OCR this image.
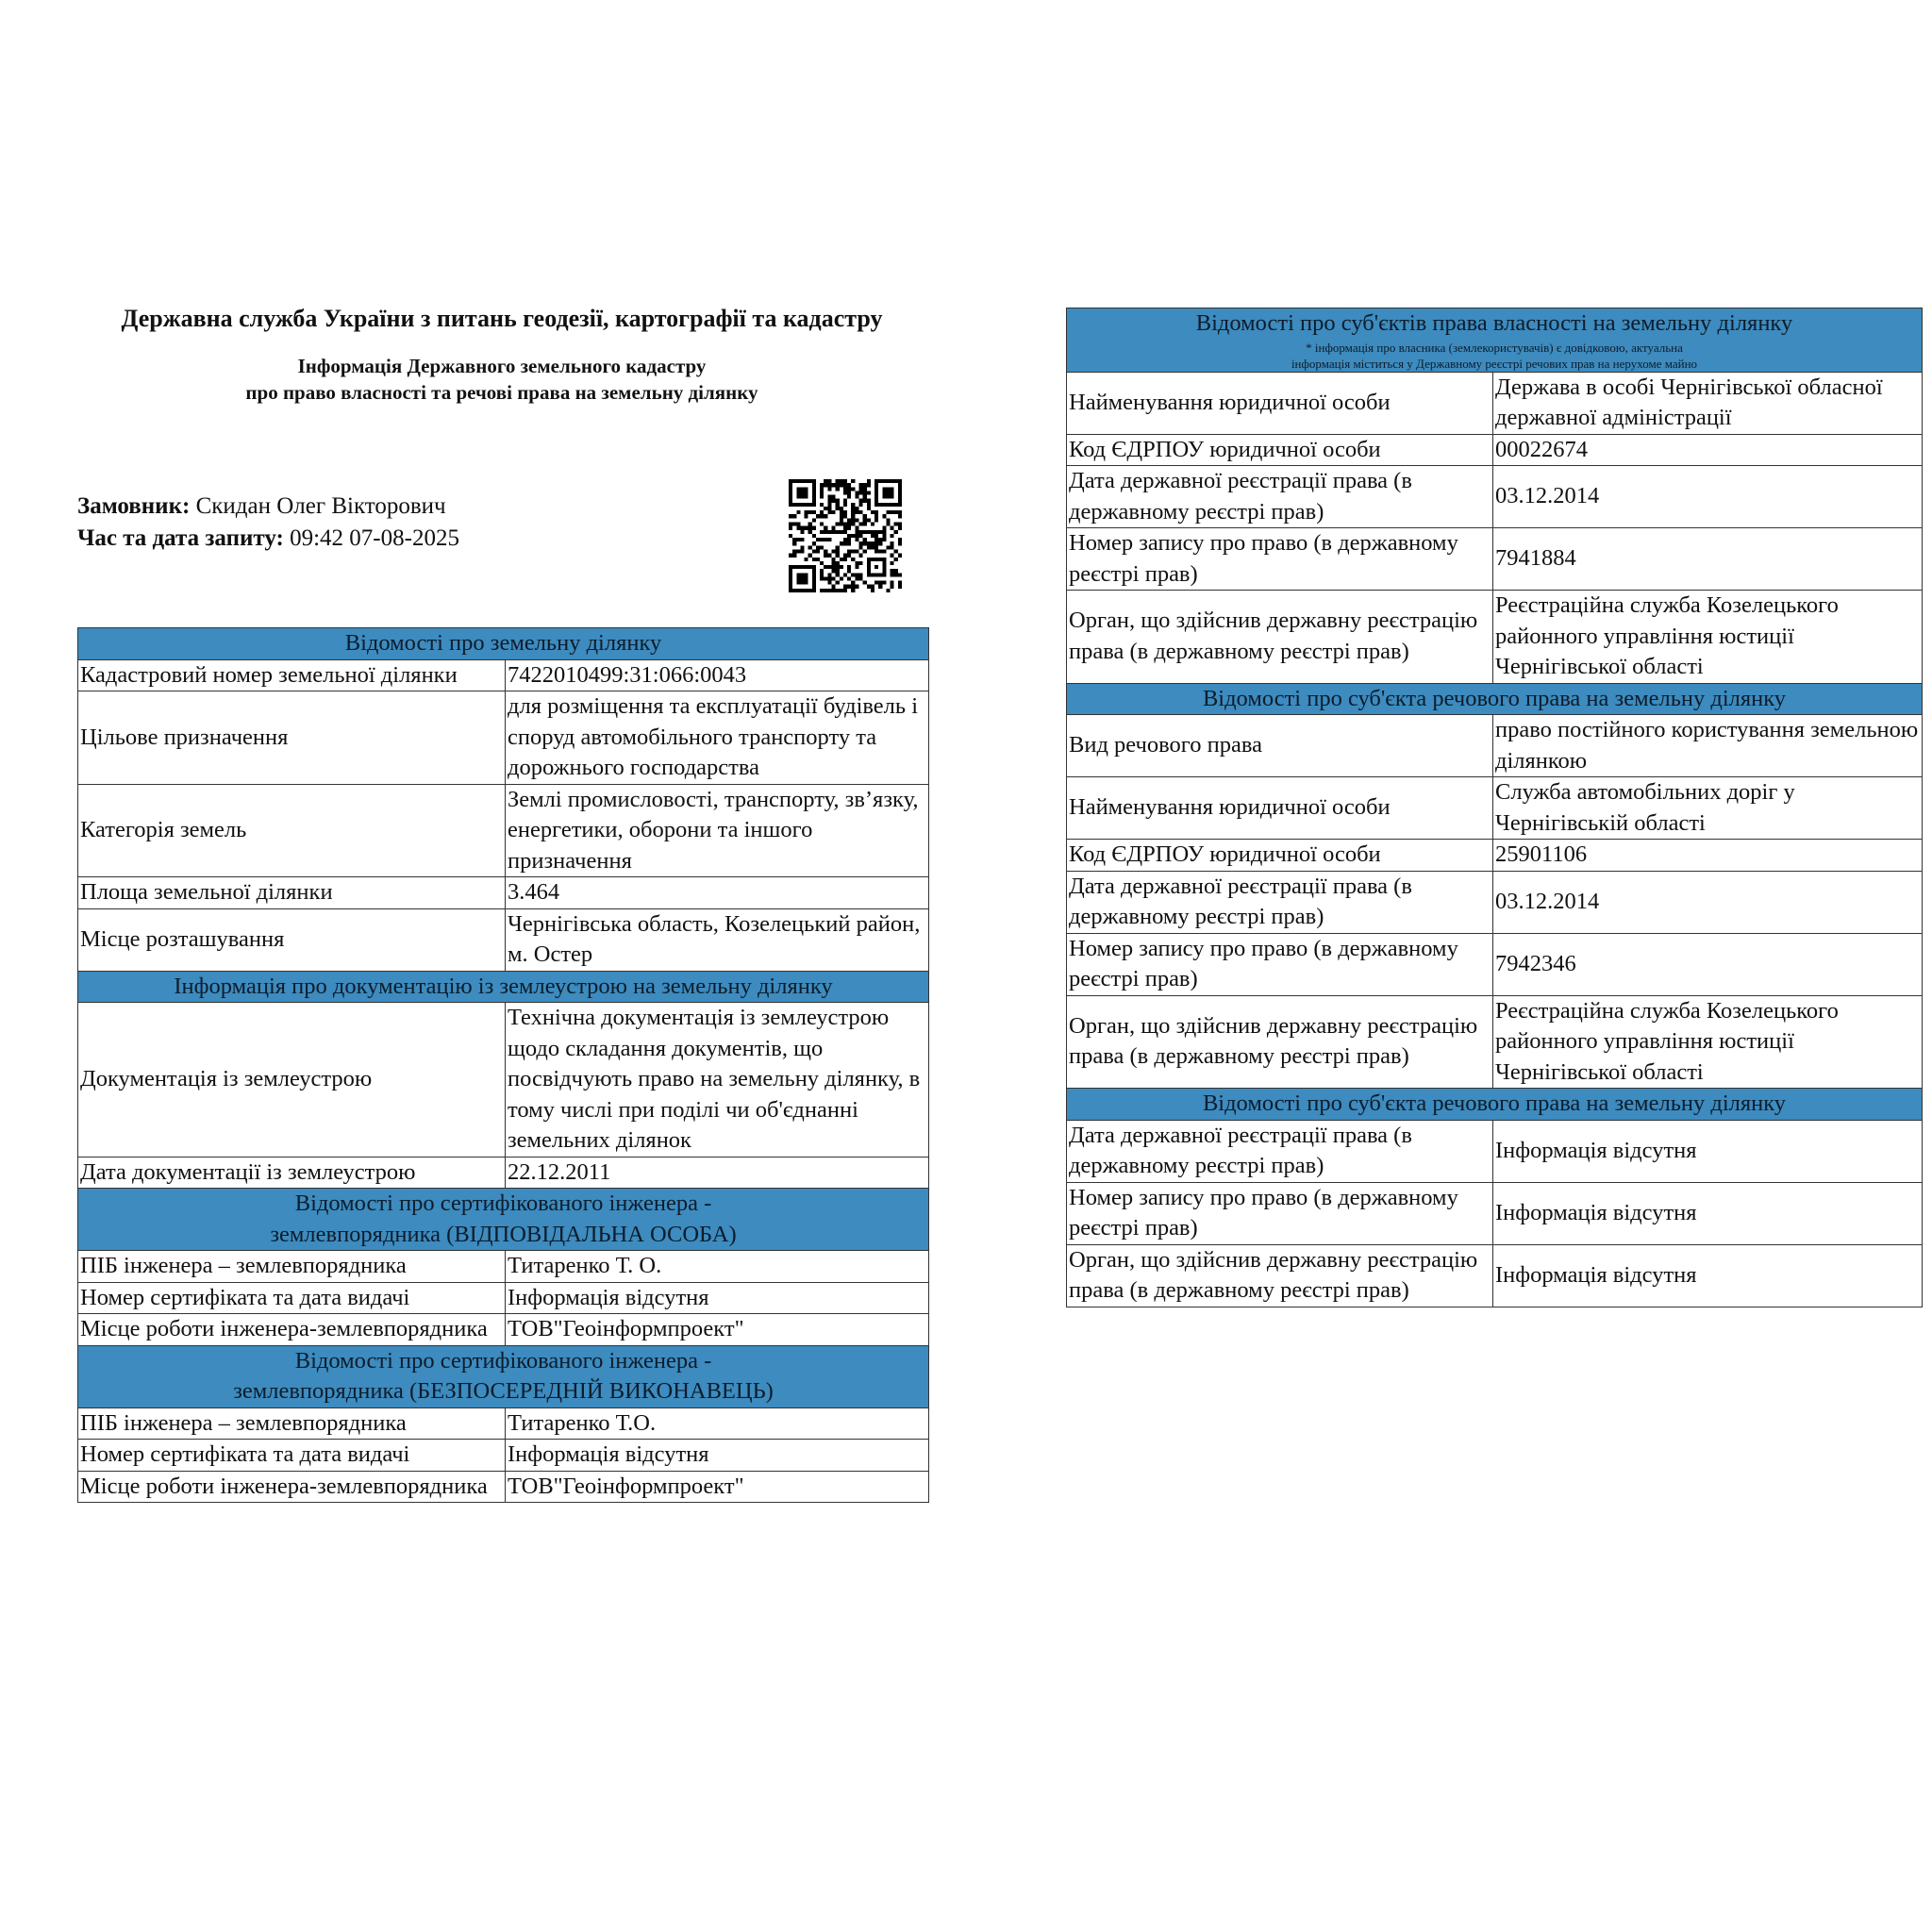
Державна служба України з питань геодезії, картографії та кадастру

Інформація Державного земельного кадастру
про право власності та речові права на земельну ділянку
Замовник: Скидан Олег Вікторович
Час та дата запиту: 09:42 07-08-2025
Відомості про земельну ділянку	
Кадастровий номер земельної ділянки	7422010499:31:066:0043
Цільове призначення	для розміщення та експлуатації будівель і споруд автомобільного транспорту та дорожнього господарства
Категорія земель	Землі промисловості, транспорту, зв’язку, енергетики, оборони та іншого призначення
Площа земельної ділянки	3.464
Місце розташування	Чернігівська область, Козелецький район, м. Остер
Інформація про документацію із землеустрою на земельну ділянку	
Документація із землеустрою	Технічна документація із землеустрою щодо складання документів, що посвідчують право на земельну ділянку, в тому числі при поділі чи об'єднанні земельних ділянок
Дата документації із землеустрою	22.12.2011

Відомості про сертифікованого інженера -
землевпорядника (ВІДПОВІДАЛЬНА ОСОБА)	

ПІБ інженера – землевпорядника	Титаренко Т. О.
Номер сертифіката та дата видачі	Інформація відсутня
Місце роботи інженера-землевпорядника	ТОВ"Геоінформпроект"

Відомості про сертифікованого інженера -
землевпорядника (БЕЗПОСЕРЕДНІЙ ВИКОНАВЕЦЬ)	

ПІБ інженера – землевпорядника	Титаренко Т.О.
Номер сертифіката та дата видачі	Інформація відсутня
Місце роботи інженера-землевпорядника	ТОВ"Геоінформпроект"
Відомості про суб'єктів права власності на земельну ділянку
* інформація про власника (землекористувачів) є довідковою, актуальна
інформація міститься у Державному реєстрі речових прав на нерухоме майно	

Найменування юридичної особи	Держава в особі Чернігівської обласної державної адміністрації
Код ЄДРПОУ юридичної особи	00022674
Дата державної реєстрації права (в державному реєстрі прав)	03.12.2014
Номер запису про право (в державному реєстрі прав)	7941884
Орган, що здійснив державну реєстрацію права (в державному реєстрі прав)	Реєстраційна служба Козелецького районного управління юстиції Чернігівської області
Відомості про суб'єкта речового права на земельну ділянку	
Вид речового права	право постійного користування земельною ділянкою
Найменування юридичної особи	Служба автомобільних доріг у Чернігівській області
Код ЄДРПОУ юридичної особи	25901106
Дата державної реєстрації права (в державному реєстрі прав)	03.12.2014
Номер запису про право (в державному реєстрі прав)	7942346
Орган, що здійснив державну реєстрацію права (в державному реєстрі прав)	Реєстраційна служба Козелецького районного управління юстиції Чернігівської області
Відомості про суб'єкта речового права на земельну ділянку	
Дата державної реєстрації права (в державному реєстрі прав)	Інформація відсутня
Номер запису про право (в державному реєстрі прав)	Інформація відсутня
Орган, що здійснив державну реєстрацію права (в державному реєстрі прав)	Інформація відсутня
